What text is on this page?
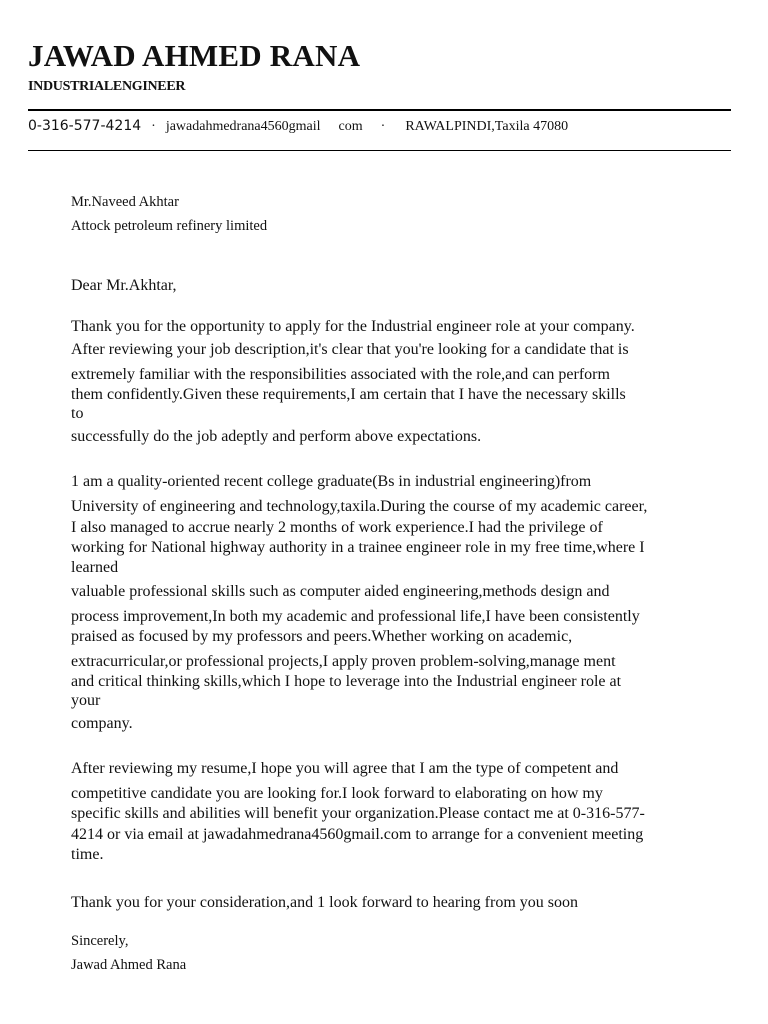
JAWAD AHMED RANA
INDUSTRIALENGINEER
0-316-577-4214 · jawadahmedrana4560gmail com · RAWALPINDI,Taxila 47080
Mr.Naveed Akhtar
Attock petroleum refinery limited
Dear Mr.Akhtar,
Thank you for the opportunity to apply for the Industrial engineer role at your company.
After reviewing your job description,it's clear that you're looking for a candidate that is
extremely familiar with the responsibilities associated with the role,and can perform
them confidently.Given these requirements,I am certain that I have the necessary skills
to
successfully do the job adeptly and perform above expectations.
1 am a quality-oriented recent college graduate(Bs in industrial engineering)from
University of engineering and technology,taxila.During the course of my academic career,
I also managed to accrue nearly 2 months of work experience.I had the privilege of
working for National highway authority in a trainee engineer role in my free time,where I
learned
valuable professional skills such as computer aided engineering,methods design and
process improvement,In both my academic and professional life,I have been consistently
praised as focused by my professors and peers.Whether working on academic,
extracurricular,or professional projects,I apply proven problem-solving,manage ment
and critical thinking skills,which I hope to leverage into the Industrial engineer role at
your
company.
After reviewing my resume,I hope you will agree that I am the type of competent and
competitive candidate you are looking for.I look forward to elaborating on how my
specific skills and abilities will benefit your organization.Please contact me at 0-316-577-
4214 or via email at jawadahmedrana4560gmail.com to arrange for a convenient meeting
time.
Thank you for your consideration,and 1 look forward to hearing from you soon
Sincerely,
Jawad Ahmed Rana
